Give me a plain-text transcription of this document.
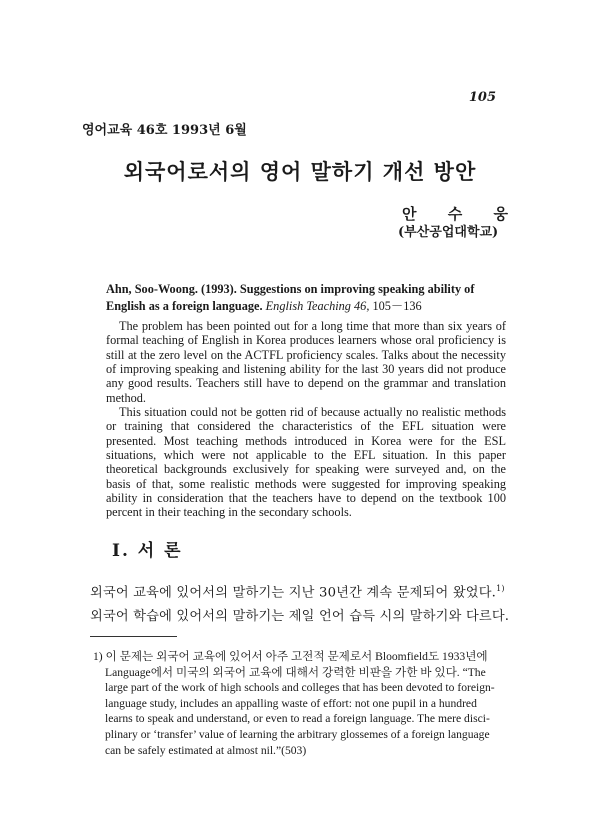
105
영어교육 46호 1993년 6월
외국어로서의 영어 말하기 개선 방안
안 수 웅
(부산공업대학교)
Ahn, Soo-Woong. (1993). Suggestions on improving speaking ability of English as a foreign language. English Teaching 46, 105－136

The problem has been pointed out for a long time that more than six years of formal teaching of English in Korea produces learners whose oral proficiency is still at the zero level on the ACTFL proficiency scales. Talks about the necessity of improving speaking and listening ability for the last 30 years did not produce any good results. Teachers still have to depend on the grammar and translation method.

This situation could not be gotten rid of because actually no realistic methods or training that considered the characteristics of the EFL situation were presented. Most teaching methods introduced in Korea were for the ESL situations, which were not applicable to the EFL situation. In this paper theoretical backgrounds exclusively for speaking were surveyed and, on the basis of that, some realistic methods were suggested for improving speaking ability in consideration that the teachers have to depend on the textbook 100 percent in their teaching in the secondary schools.

Ⅰ. 서 론
외국어 교육에 있어서의 말하기는 지난 30년간 계속 문제되어 왔었다.$^{1)}$
외국어 학습에 있어서의 말하기는 제일 언어 습득 시의 말하기와 다르다.
1) 이 문제는 외국어 교육에 있어서 아주 고전적 문제로서 Bloomfield도 1933년에
Language에서 미국의 외국어 교육에 대해서 강력한 비판을 가한 바 있다. “The
large part of the work of high schools and colleges that has been devoted to foreign-
language study, includes an appalling waste of effort: not one pupil in a hundred
learns to speak and understand, or even to read a foreign language. The mere disci-
plinary or ‘transfer’ value of learning the arbitrary glossemes of a foreign language
can be safely estimated at almost nil.”(503)
